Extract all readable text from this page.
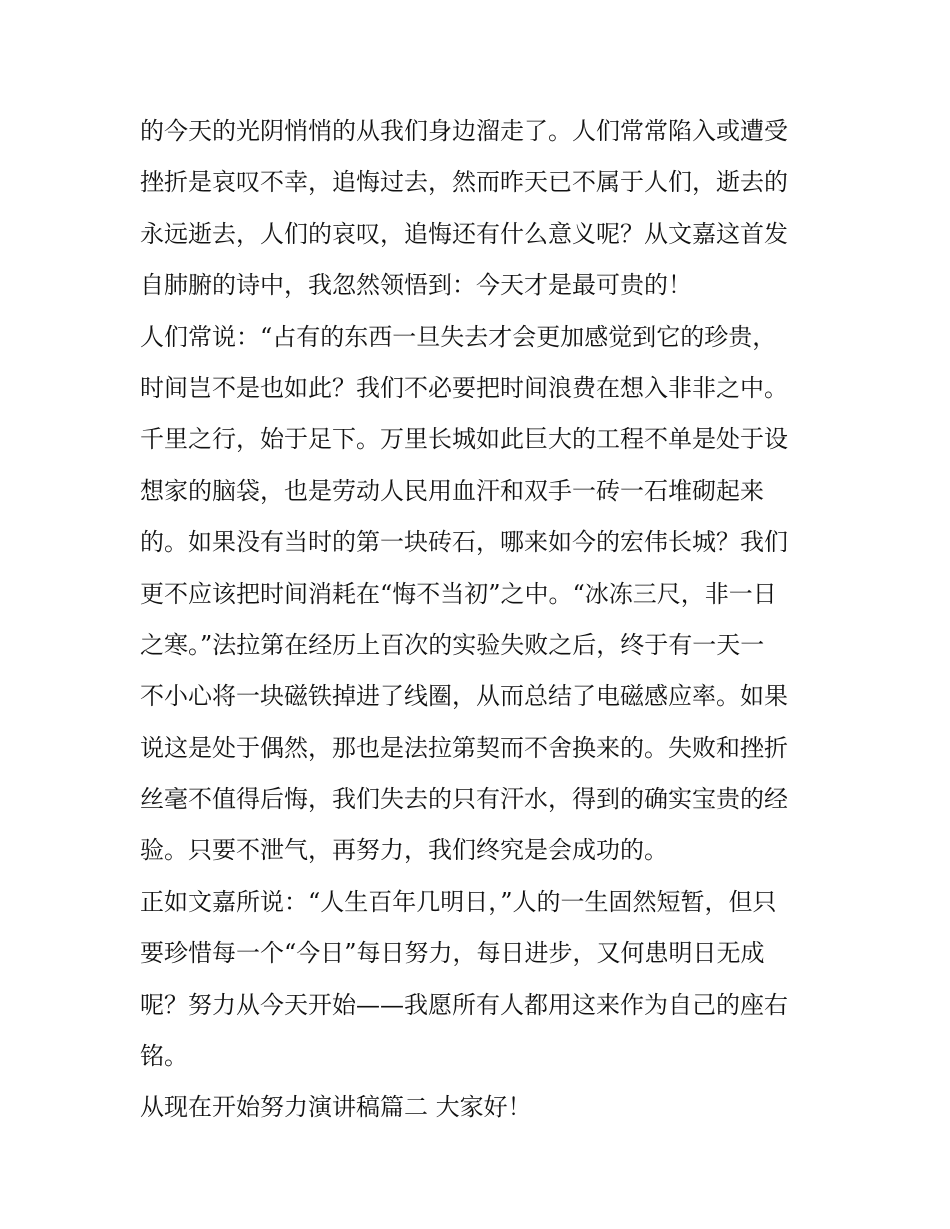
的今天的光阴悄悄的从我们身边溜走了。人们常常陷入或遭受
挫折是哀叹不幸，追悔过去，然而昨天已不属于人们，逝去的
永远逝去，人们的哀叹，追悔还有什么意义呢？从文嘉这首发
自肺腑的诗中，我忽然领悟到：今天才是最可贵的！
人们常说：“占有的东西一旦失去才会更加感觉到它的珍贵，
时间岂不是也如此？我们不必要把时间浪费在想入非非之中。
千里之行，始于足下。万里长城如此巨大的工程不单是处于设
想家的脑袋，也是劳动人民用血汗和双手一砖一石堆砌起来
的。如果没有当时的第一块砖石，哪来如今的宏伟长城？我们
更不应该把时间消耗在“悔不当初”之中。“冰冻三尺，非一日
之寒。”法拉第在经历上百次的实验失败之后，终于有一天一
不小心将一块磁铁掉进了线圈，从而总结了电磁感应率。如果
说这是处于偶然，那也是法拉第契而不舍换来的。失败和挫折
丝毫不值得后悔，我们失去的只有汗水，得到的确实宝贵的经
验。只要不泄气，再努力，我们终究是会成功的。
正如文嘉所说：“人生百年几明日，”人的一生固然短暂，但只
要珍惜每一个“今日”每日努力，每日进步，又何患明日无成
呢？努力从今天开始——我愿所有人都用这来作为自己的座右
铭。
从现在开始努力演讲稿篇二 大家好！
